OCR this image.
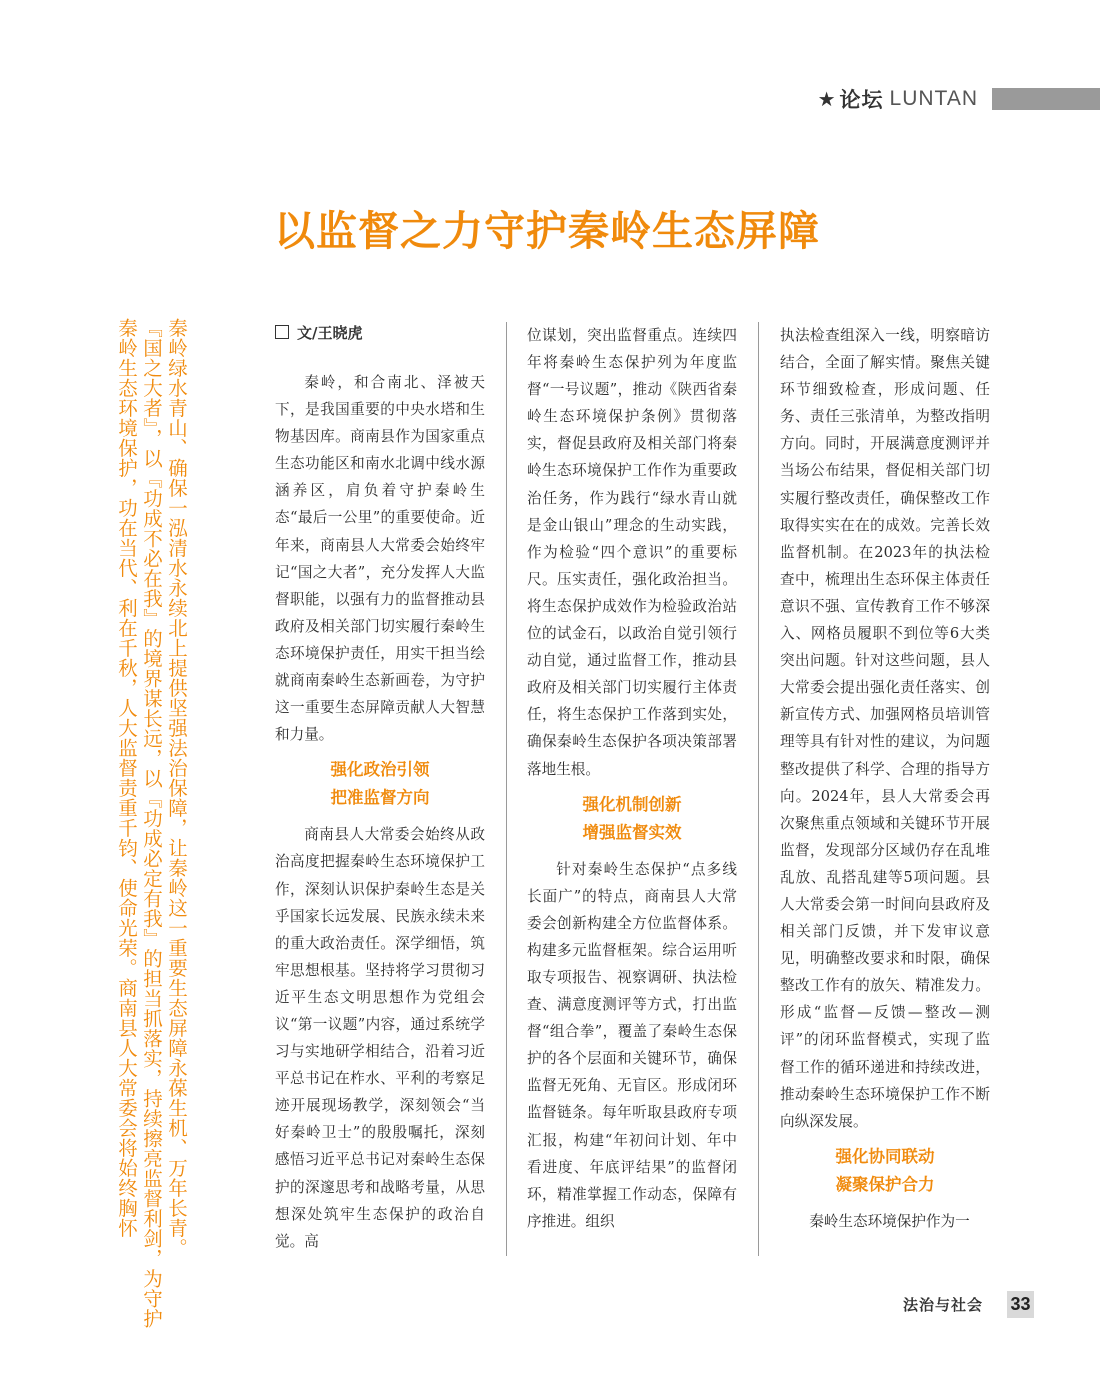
★ 论坛 LUNTAN
以监督之力守护秦岭生态屏障
秦岭绿水青山、确保一泓清水永续北上提供坚强法治保障，让秦岭这一重要生态屏障永葆生机、万年长青。
『国之大者』，以『功成不必在我』的境界谋长远，以『功成必定有我』的担当抓落实，持续擦亮监督利剑，为守护
秦岭生态环境保护，功在当代、利在千秋，人大监督责重千钧、使命光荣。商南县人大常委会将始终胸怀	文/王晓虎

秦岭，和合南北、泽被天下，是我国重要的中央水塔和生物基因库。商南县作为国家重点生态功能区和南水北调中线水源涵养区，肩负着守护秦岭生态“最后一公里”的重要使命。近年来，商南县人大常委会始终牢记“国之大者”，充分发挥人大监督职能，以强有力的监督推动县政府及相关部门切实履行秦岭生态环境保护责任，用实干担当绘就商南秦岭生态新画卷，为守护这一重要生态屏障贡献人大智慧和力量。

强化政治引领
把准监督方向

商南县人大常委会始终从政治高度把握秦岭生态环境保护工作，深刻认识保护秦岭生态是关乎国家长远发展、民族永续未来的重大政治责任。深学细悟，筑牢思想根基。坚持将学习贯彻习近平生态文明思想作为党组会议“第一议题”内容，通过系统学习与实地研学相结合，沿着习近平总书记在柞水、平利的考察足迹开展现场教学，深刻领会“当好秦岭卫士”的殷殷嘱托，深刻感悟习近平总书记对秦岭生态保护的深邃思考和战略考量，从思想深处筑牢生态保护的政治自觉。高

位谋划，突出监督重点。连续四年将秦岭生态保护列为年度监督“一号议题”，推动《陕西省秦岭生态环境保护条例》贯彻落实，督促县政府及相关部门将秦岭生态环境保护工作作为重要政治任务，作为践行“绿水青山就是金山银山”理念的生动实践，作为检验“四个意识”的重要标尺。压实责任，强化政治担当。将生态保护成效作为检验政治站位的试金石，以政治自觉引领行动自觉，通过监督工作，推动县政府及相关部门切实履行主体责任，将生态保护工作落到实处，确保秦岭生态保护各项决策部署落地生根。

强化机制创新
增强监督实效

针对秦岭生态保护“点多线长面广”的特点，商南县人大常委会创新构建全方位监督体系。构建多元监督框架。综合运用听取专项报告、视察调研、执法检查、满意度测评等方式，打出监督“组合拳”，覆盖了秦岭生态保护的各个层面和关键环节，确保监督无死角、无盲区。形成闭环监督链条。每年听取县政府专项汇报，构建“年初问计划、年中看进度、年底评结果”的监督闭环，精准掌握工作动态，保障有序推进。组织

执法检查组深入一线，明察暗访结合，全面了解实情。聚焦关键环节细致检查，形成问题、任务、责任三张清单，为整改指明方向。同时，开展满意度测评并当场公布结果，督促相关部门切实履行整改责任，确保整改工作取得实实在在的成效。完善长效监督机制。在2023年的执法检查中，梳理出生态环保主体责任意识不强、宣传教育工作不够深入、网格员履职不到位等6大类突出问题。针对这些问题，县人大常委会提出强化责任落实、创新宣传方式、加强网格员培训管理等具有针对性的建议，为问题整改提供了科学、合理的指导方向。2024年，县人大常委会再次聚焦重点领域和关键环节开展监督，发现部分区域仍存在乱堆乱放、乱搭乱建等5项问题。县人大常委会第一时间向县政府及相关部门反馈，并下发审议意见，明确整改要求和时限，确保整改工作有的放矢、精准发力。形成“监督—反馈—整改—测评”的闭环监督模式，实现了监督工作的循环递进和持续改进，推动秦岭生态环境保护工作不断向纵深发展。

强化协同联动
凝聚保护合力

秦岭生态环境保护作为一

法治与社会 33
